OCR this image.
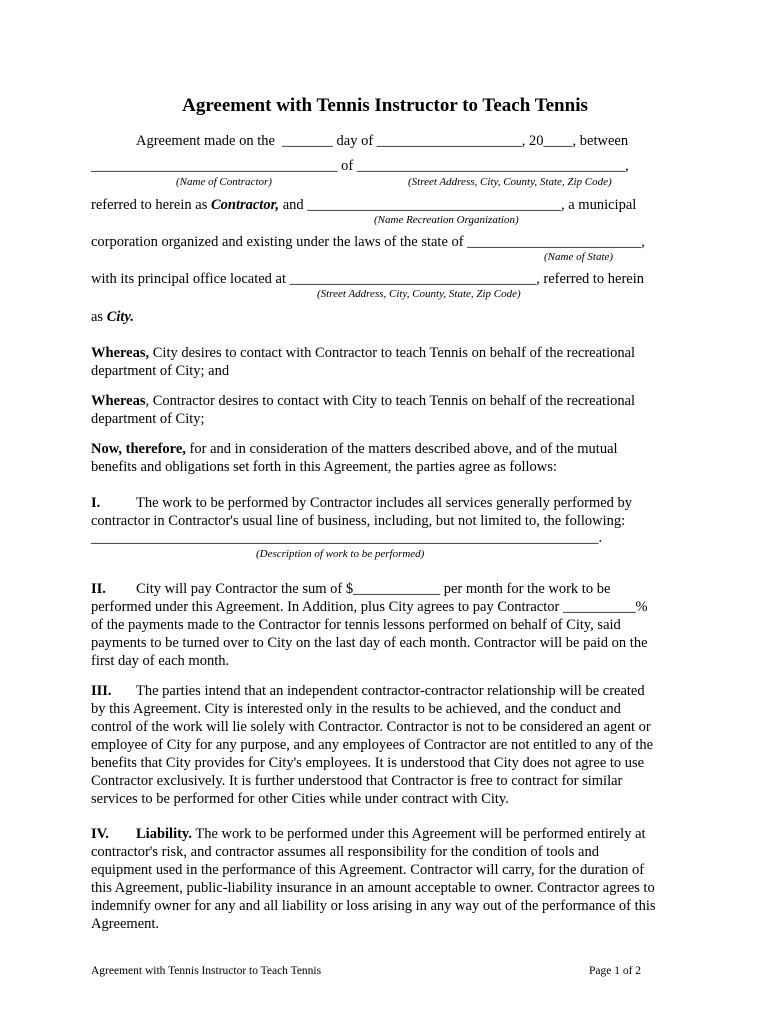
Agreement with Tennis Instructor to Teach Tennis
Agreement made on the  _______ day of ____________________, 20____, between
__________________________________ of _____________________________________,
(Name of Contractor)	(Street Address, City, County, State, Zip Code)
referred to herein as Contractor, and ___________________________________, a municipal
(Name Recreation Organization)
corporation organized and existing under the laws of the state of ________________________,
(Name of State)
with its principal office located at __________________________________, referred to herein
(Street Address, City, County, State, Zip Code)
as City.
Whereas, City desires to contact with Contractor to teach Tennis on behalf of the recreational
department of City; and
Whereas, Contractor desires to contact with City to teach Tennis on behalf of the recreational
department of City;
Now, therefore, for and in consideration of the matters described above, and of the mutual
benefits and obligations set forth in this Agreement, the parties agree as follows:
I. The work to be performed by Contractor includes all services generally performed by
contractor in Contractor's usual line of business, including, but not limited to, the following:
______________________________________________________________________.
(Description of work to be performed)
II. City will pay Contractor the sum of $____________ per month for the work to be
performed under this Agreement. In Addition, plus City agrees to pay Contractor __________%
of the payments made to the Contractor for tennis lessons performed on behalf of City, said
payments to be turned over to City on the last day of each month. Contractor will be paid on the
first day of each month.
III. The parties intend that an independent contractor-contractor relationship will be created
by this Agreement. City is interested only in the results to be achieved, and the conduct and
control of the work will lie solely with Contractor. Contractor is not to be considered an agent or
employee of City for any purpose, and any employees of Contractor are not entitled to any of the
benefits that City provides for City's employees. It is understood that City does not agree to use
Contractor exclusively. It is further understood that Contractor is free to contract for similar
services to be performed for other Cities while under contract with City.
IV. Liability. The work to be performed under this Agreement will be performed entirely at
contractor's risk, and contractor assumes all responsibility for the condition of tools and
equipment used in the performance of this Agreement. Contractor will carry, for the duration of
this Agreement, public-liability insurance in an amount acceptable to owner. Contractor agrees to
indemnify owner for any and all liability or loss arising in any way out of the performance of this
Agreement.
Agreement with Tennis Instructor to Teach Tennis	Page 1 of 2
